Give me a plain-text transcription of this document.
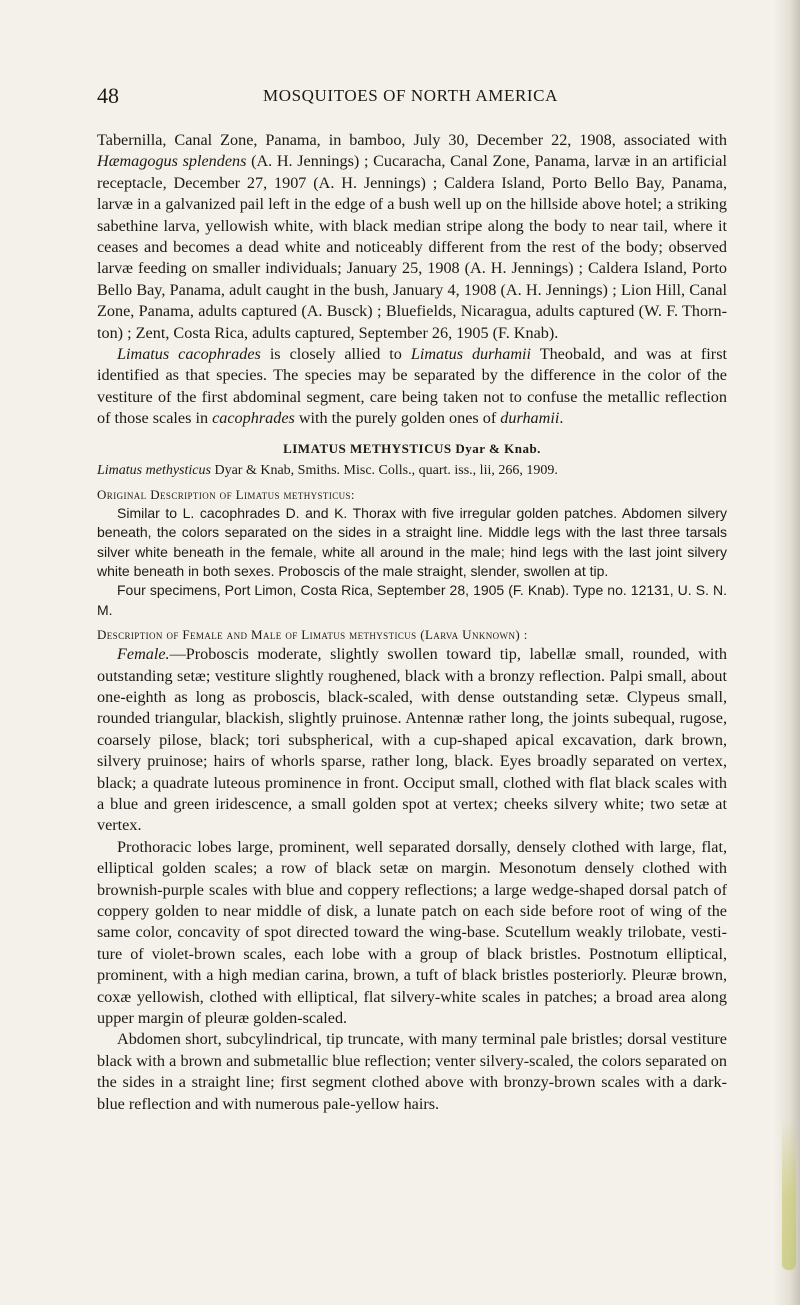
48	MOSQUITOES OF NORTH AMERICA

Tabernilla, Canal Zone, Panama, in bamboo, July 30, December 22, 1908, associated with Hæmagogus splendens (A. H. Jennings) ; Cucaracha, Canal Zone, Panama, larvæ in an artificial receptacle, December 27, 1907 (A. H. Jennings) ; Caldera Island, Porto Bello Bay, Panama, larvæ in a galvanized pail left in the edge of a bush well up on the hillside above hotel; a striking sabethine larva, yellowish white, with black median stripe along the body to near tail, where it ceases and becomes a dead white and noticeably different from the rest of the body; observed larvæ feeding on smaller individuals; January 25, 1908 (A. H. Jennings) ; Caldera Island, Porto Bello Bay, Panama, adult caught in the bush, January 4, 1908 (A. H. Jennings) ; Lion Hill, Canal Zone, Panama, adults captured (A. Busck) ; Bluefields, Nicaragua, adults captured (W. F. Thornton) ; Zent, Costa Rica, adults captured, September 26, 1905 (F. Knab).

Limatus cacophrades is closely allied to Limatus durhamii Theobald, and was at first identified as that species. The species may be separated by the difference in the color of the vestiture of the first abdominal segment, care being taken not to confuse the metallic reflection of those scales in cacophrades with the purely golden ones of durhamii.

LIMATUS METHYSTICUS Dyar & Knab.

Limatus methysticus Dyar & Knab, Smiths. Misc. Colls., quart. iss., lii, 266, 1909.

Original Description of Limatus methysticus:

Similar to L. cacophrades D. and K. Thorax with five irregular golden patches. Abdomen silvery beneath, the colors separated on the sides in a straight line. Middle legs with the last three tarsals silver white beneath in the female, white all around in the male; hind legs with the last joint silvery white beneath in both sexes. Proboscis of the male straight, slender, swollen at tip.

Four specimens, Port Limon, Costa Rica, September 28, 1905 (F. Knab). Type no. 12131, U. S. N. M.

Description of Female and Male of Limatus methysticus (Larva Unknown) :

Female.—Proboscis moderate, slightly swollen toward tip, labellæ small, rounded, with outstanding setæ; vestiture slightly roughened, black with a bronzy reflection. Palpi small, about one-eighth as long as proboscis, black-scaled, with dense outstanding setæ. Clypeus small, rounded triangular, blackish, slightly pruinose. Antennæ rather long, the joints subequal, rugose, coarsely pilose, black; tori subspherical, with a cup-shaped apical excavation, dark brown, silvery pruinose; hairs of whorls sparse, rather long, black. Eyes broadly separated on vertex, black; a quadrate luteous prominence in front. Occiput small, clothed with flat black scales with a blue and green iridescence, a small golden spot at vertex; cheeks silvery white; two setæ at vertex.

Prothoracic lobes large, prominent, well separated dorsally, densely clothed with large, flat, elliptical golden scales; a row of black setæ on margin. Mesonotum densely clothed with brownish-purple scales with blue and coppery reflections; a large wedge-shaped dorsal patch of coppery golden to near middle of disk, a lunate patch on each side before root of wing of the same color, concavity of spot directed toward the wing-base. Scutellum weakly trilobate, vestiture of violet-brown scales, each lobe with a group of black bristles. Postnotum elliptical, prominent, with a high median carina, brown, a tuft of black bristles posteriorly. Pleuræ brown, coxæ yellowish, clothed with elliptical, flat silvery-white scales in patches; a broad area along upper margin of pleuræ golden-scaled.

Abdomen short, subcylindrical, tip truncate, with many terminal pale bristles; dorsal vestiture black with a brown and submetallic blue reflection; venter silvery-scaled, the colors separated on the sides in a straight line; first segment clothed above with bronzy-brown scales with a dark-blue reflection and with numerous pale-yellow hairs.
